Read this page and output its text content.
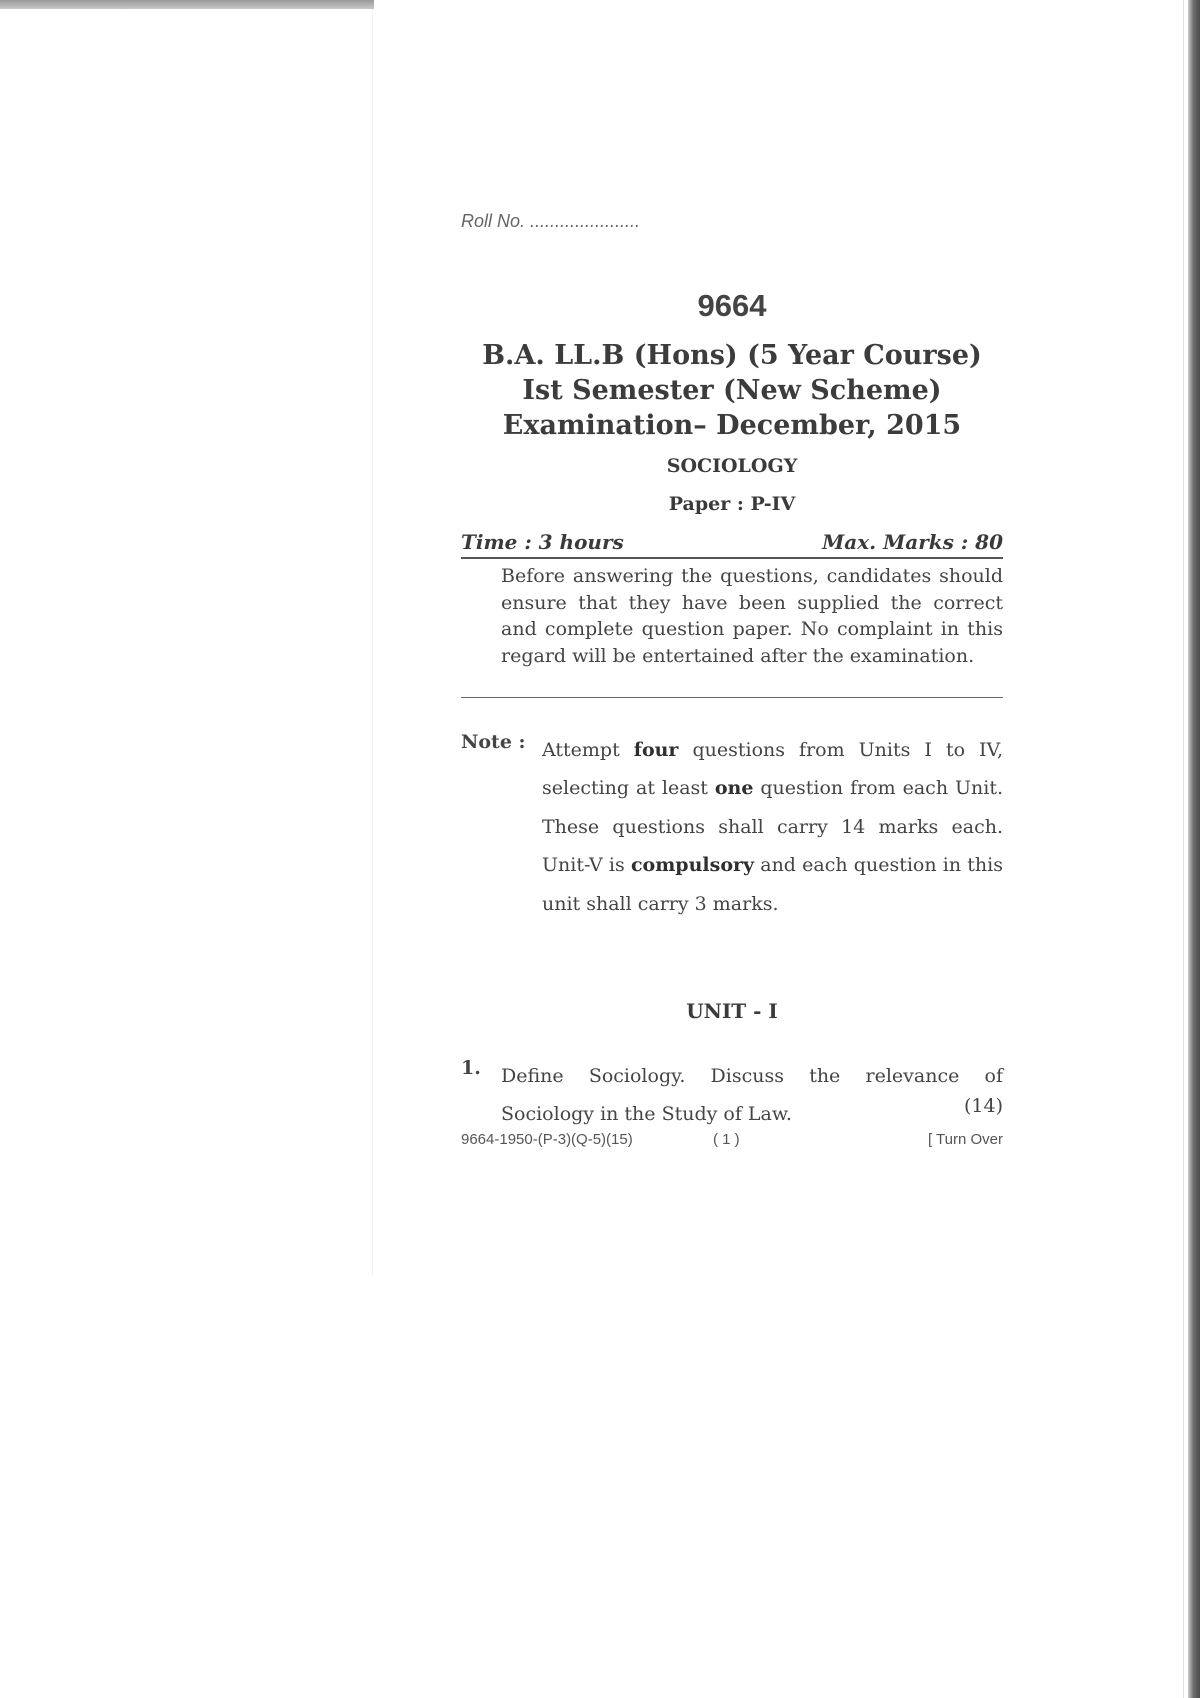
Roll No. ......................
9664
B.A. LL.B (Hons) (5 Year Course)
Ist Semester (New Scheme)
Examination– December, 2015
SOCIOLOGY
Paper : P-IV
Time : 3 hours	Max. Marks : 80
Before answering the questions, candidates should ensure that they have been supplied the correct and complete question paper. No complaint in this regard will be entertained after the examination.
Note : Attempt four questions from Units I to IV, selecting at least one question from each Unit. These questions shall carry 14 marks each. Unit-V is compulsory and each question in this unit shall carry 3 marks.
UNIT - I
1. Define Sociology. Discuss the relevance of Sociology in the Study of Law.	(14)
9664-1950-(P-3)(Q-5)(15)	( 1 )	[ Turn Over
